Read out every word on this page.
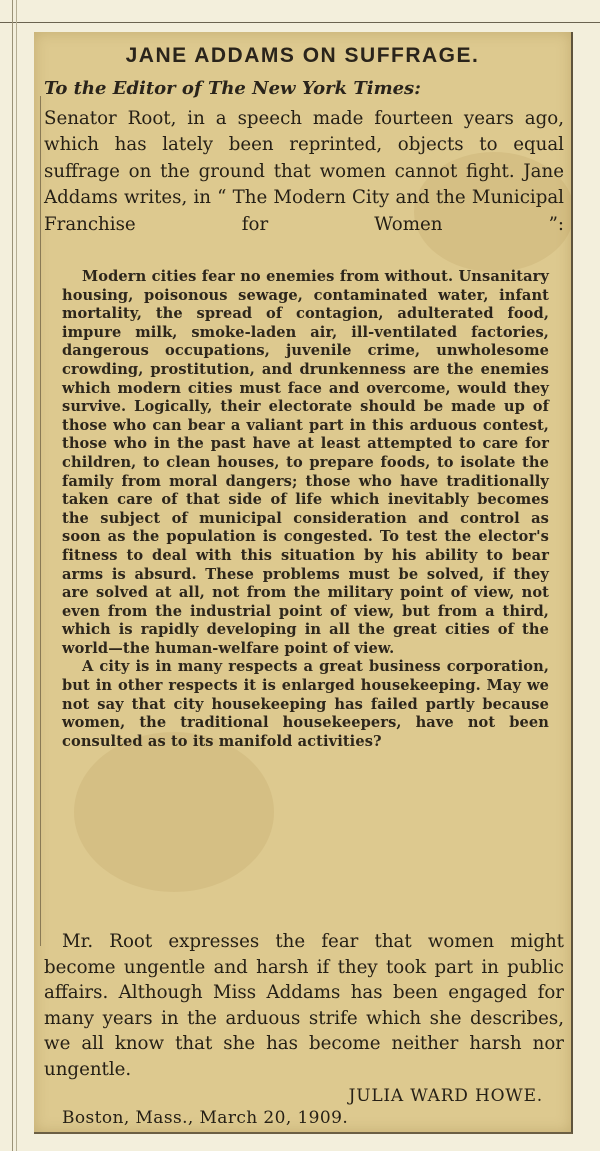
JANE ADDAMS ON SUFFRAGE.
To the Editor of The New York Times:
Senator Root, in a speech made fourteen years ago, which has lately been reprinted, objects to equal suffrage on the ground that women cannot fight. Jane Addams writes, in “ The Modern City and the Municipal Franchise for Women ”:

Modern cities fear no enemies from without. Unsanitary housing, poisonous sewage, contaminated water, infant mortality, the spread of contagion, adulterated food, impure milk, smoke-laden air, ill-ventilated factories, dangerous occupations, juvenile crime, unwholesome crowding, prostitution, and drunkenness are the enemies which modern cities must face and overcome, would they survive. Logically, their electorate should be made up of those who can bear a valiant part in this arduous contest, those who in the past have at least attempted to care for children, to clean houses, to prepare foods, to isolate the family from moral dangers; those who have traditionally taken care of that side of life which inevitably becomes the subject of municipal consideration and control as soon as the population is congested. To test the elector's fitness to deal with this situation by his ability to bear arms is absurd. These problems must be solved, if they are solved at all, not from the military point of view, not even from the industrial point of view, but from a third, which is rapidly developing in all the great cities of the world—the human-welfare point of view.

A city is in many respects a great business corporation, but in other respects it is enlarged housekeeping. May we not say that city housekeeping has failed partly because women, the traditional housekeepers, have not been consulted as to its manifold activities?

Mr. Root expresses the fear that women might become ungentle and harsh if they took part in public affairs. Although Miss Addams has been engaged for many years in the arduous strife which she describes, we all know that she has become neither harsh nor ungentle.

JULIA WARD HOWE.
Boston, Mass., March 20, 1909.
